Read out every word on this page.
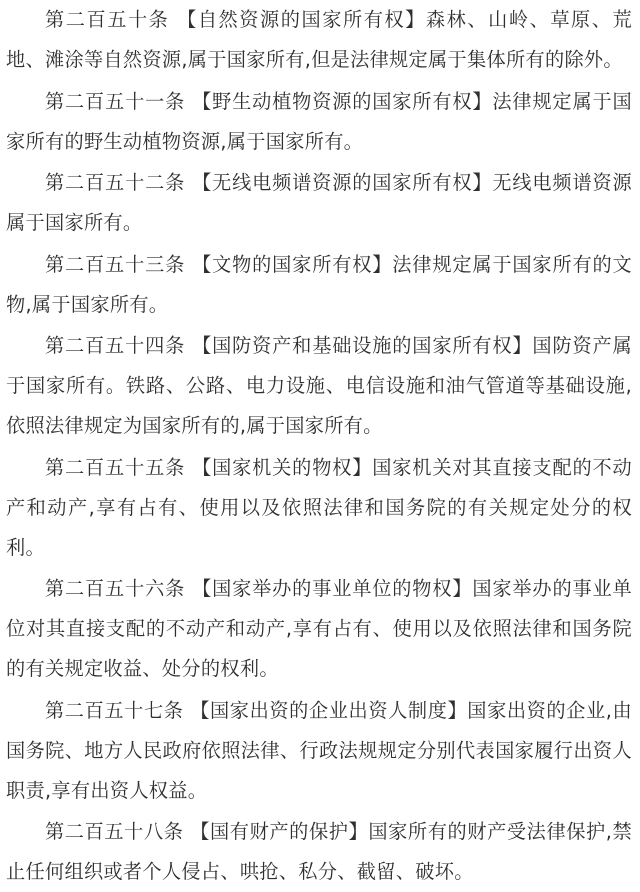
第二百五十条 【自然资源的国家所有权】森林、山岭、草原、荒地、滩涂等自然资源,属于国家所有,但是法律规定属于集体所有的除外。

第二百五十一条 【野生动植物资源的国家所有权】法律规定属于国家所有的野生动植物资源,属于国家所有。

第二百五十二条 【无线电频谱资源的国家所有权】无线电频谱资源属于国家所有。

第二百五十三条 【文物的国家所有权】法律规定属于国家所有的文物,属于国家所有。

第二百五十四条 【国防资产和基础设施的国家所有权】国防资产属于国家所有。铁路、公路、电力设施、电信设施和油气管道等基础设施,依照法律规定为国家所有的,属于国家所有。

第二百五十五条 【国家机关的物权】国家机关对其直接支配的不动产和动产,享有占有、使用以及依照法律和国务院的有关规定处分的权利。

第二百五十六条 【国家举办的事业单位的物权】国家举办的事业单位对其直接支配的不动产和动产,享有占有、使用以及依照法律和国务院的有关规定收益、处分的权利。

第二百五十七条 【国家出资的企业出资人制度】国家出资的企业,由国务院、地方人民政府依照法律、行政法规规定分别代表国家履行出资人职责,享有出资人权益。

第二百五十八条 【国有财产的保护】国家所有的财产受法律保护,禁止任何组织或者个人侵占、哄抢、私分、截留、破坏。
